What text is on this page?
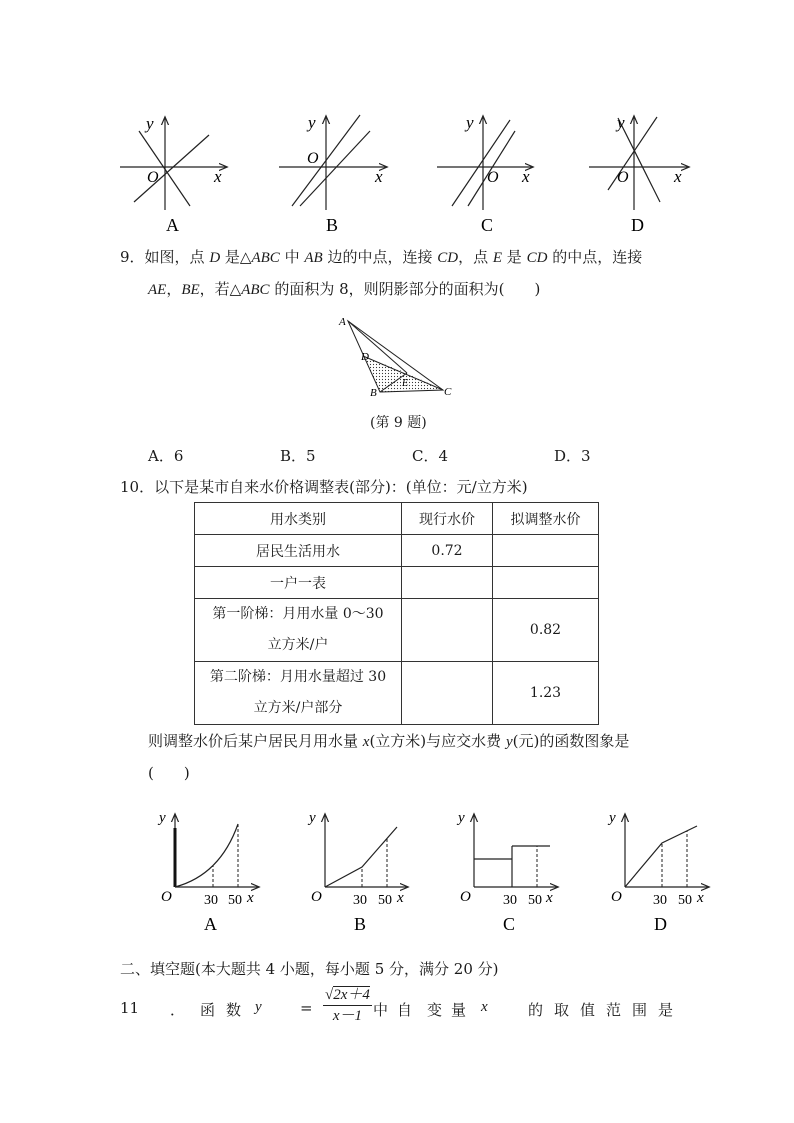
y
O	x
A
y
O
x
B
y
O x
C
y
O	x
D
9．如图，点 D 是△ABC 中 AB 边的中点，连接 CD，点 E 是 CD 的中点，连接
AE，BE，若△ABC 的面积为 8，则阴影部分的面积为(　　)
A
D
E
B	C
(第 9 题)
A．6	B．5	C．4	D．3
10．以下是某市自来水价格调整表(部分)：(单位：元/立方米)
用水类别	现行水价	拟调整水价
居民生活用水	0.72	
一户一表		

第一阶梯：月用水量 0～30
立方米/户		0.82

第二阶梯：月用水量超过 30
立方米/户部分		1.23
则调整水价后某户居民月用水量 x(立方米)与应交水费 y(元)的函数图象是
(　　)
y
O 30 50 x
A
y
O 30 50 x
B
y
O 30 50 x
C
y
O 30 50 x
D
二、填空题(本大题共 4 小题，每小题 5 分，满分 20 分)
11 ． 函 数 y	= $\frac{√2x+4}{x-1}$ 中 自 变 量 x	的 取 值 范 围 是
